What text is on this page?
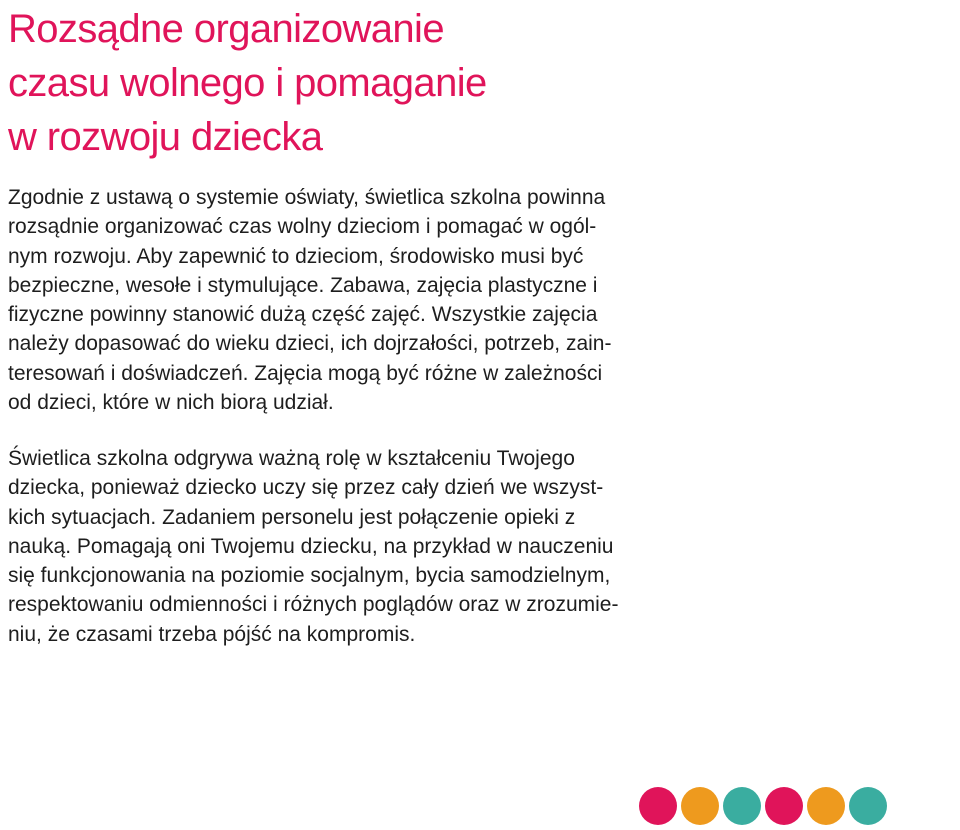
Rozsądne organizowanie
czasu wolnego i pomaganie
w rozwoju dziecka

Zgodnie z ustawą o systemie oświaty, świetlica szkolna powinna
rozsądnie organizować czas wolny dzieciom i pomagać w ogól-
nym rozwoju. Aby zapewnić to dzieciom, środowisko musi być
bezpieczne, wesołe i stymulujące. Zabawa, zajęcia plastyczne i
fizyczne powinny stanowić dużą część zajęć. Wszystkie zajęcia
należy dopasować do wieku dzieci, ich dojrzałości, potrzeb, zain-
teresowań i doświadczeń. Zajęcia mogą być różne w zależności
od dzieci, które w nich biorą udział.

Świetlica szkolna odgrywa ważną rolę w kształceniu Twojego
dziecka, ponieważ dziecko uczy się przez cały dzień we wszyst-
kich sytuacjach. Zadaniem personelu jest połączenie opieki z
nauką. Pomagają oni Twojemu dziecku, na przykład w nauczeniu
się funkcjonowania na poziomie socjalnym, bycia samodzielnym,
respektowaniu odmienności i różnych poglądów oraz w zrozumie-
niu, że czasami trzeba pójść na kompromis.
